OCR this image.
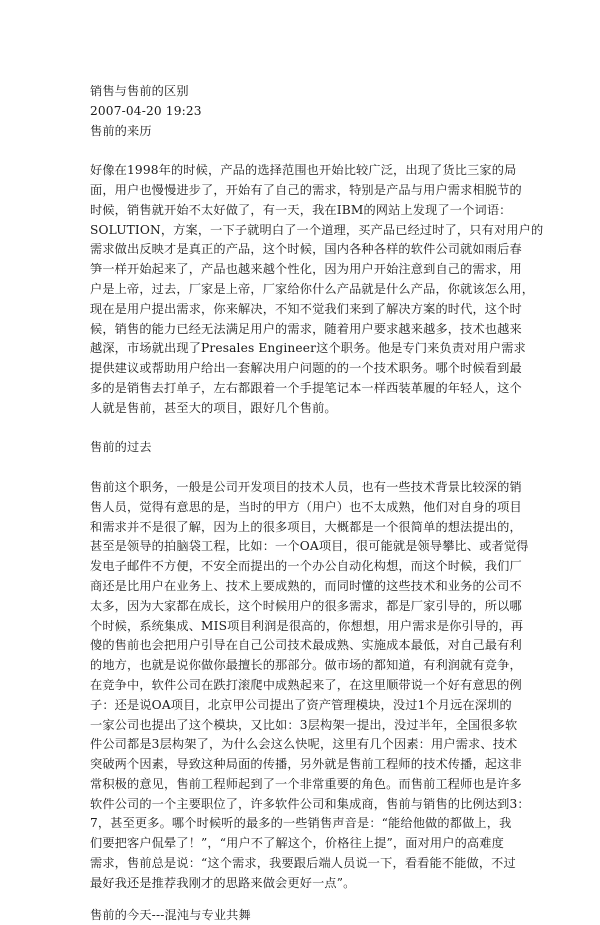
销售与售前的区别
2007-04-20 19:23
售前的来历
好像在1998年的时候，产品的选择范围也开始比较广泛，出现了货比三家的局
面，用户也慢慢进步了，开始有了自己的需求，特别是产品与用户需求相脱节的
时候，销售就开始不太好做了，有一天，我在IBM的网站上发现了一个词语：
SOLUTION，方案，一下子就明白了一个道理，买产品已经过时了，只有对用户的
需求做出反映才是真正的产品，这个时候，国内各种各样的软件公司就如雨后春
笋一样开始起来了，产品也越来越个性化，因为用户开始注意到自己的需求，用
户是上帝，过去，厂家是上帝，厂家给你什么产品就是什么产品，你就该怎么用，
现在是用户提出需求，你来解决，不知不觉我们来到了解决方案的时代，这个时
候，销售的能力已经无法满足用户的需求，随着用户要求越来越多，技术也越来
越深，市场就出现了Presales Engineer这个职务。他是专门来负责对用户需求
提供建议或帮助用户给出一套解决用户问题的的一个技术职务。哪个时候看到最
多的是销售去打单子，左右都跟着一个手提笔记本一样西装革履的年轻人，这个
人就是售前，甚至大的项目，跟好几个售前。
售前的过去
售前这个职务，一般是公司开发项目的技术人员，也有一些技术背景比较深的销
售人员，觉得有意思的是，当时的甲方（用户）也不太成熟，他们对自身的项目
和需求并不是很了解，因为上的很多项目，大概都是一个很简单的想法提出的，
甚至是领导的拍脑袋工程，比如：一个OA项目，很可能就是领导攀比、或者觉得
发电子邮件不方便，不安全而提出的一个办公自动化构想，而这个时候，我们厂
商还是比用户在业务上、技术上要成熟的，而同时懂的这些技术和业务的公司不
太多，因为大家都在成长，这个时候用户的很多需求，都是厂家引导的，所以哪
个时候，系统集成、MIS项目利润是很高的，你想想，用户需求是你引导的，再
傻的售前也会把用户引导在自己公司技术最成熟、实施成本最低，对自己最有利
的地方，也就是说你做你最擅长的那部分。做市场的都知道，有利润就有竞争，
在竞争中，软件公司在跌打滚爬中成熟起来了，在这里顺带说一个好有意思的例
子：还是说OA项目，北京甲公司提出了资产管理模块，没过1个月远在深圳的
一家公司也提出了这个模块，又比如：3层构架一提出，没过半年，全国很多软
件公司都是3层构架了，为什么会这么快呢，这里有几个因素：用户需求、技术
突破两个因素，导致这种局面的传播，另外就是售前工程师的技术传播，起这非
常积极的意见，售前工程师起到了一个非常重要的角色。而售前工程师也是许多
软件公司的一个主要职位了，许多软件公司和集成商，售前与销售的比例达到3：
7，甚至更多。哪个时候听的最多的一些销售声音是：“能给他做的都做上，我
们要把客户侃晕了！”，“用户不了解这个，价格往上提”，面对用户的高难度
需求，售前总是说：“这个需求，我要跟后端人员说一下，看看能不能做，不过
最好我还是推荐我刚才的思路来做会更好一点”。
售前的今天---混沌与专业共舞
